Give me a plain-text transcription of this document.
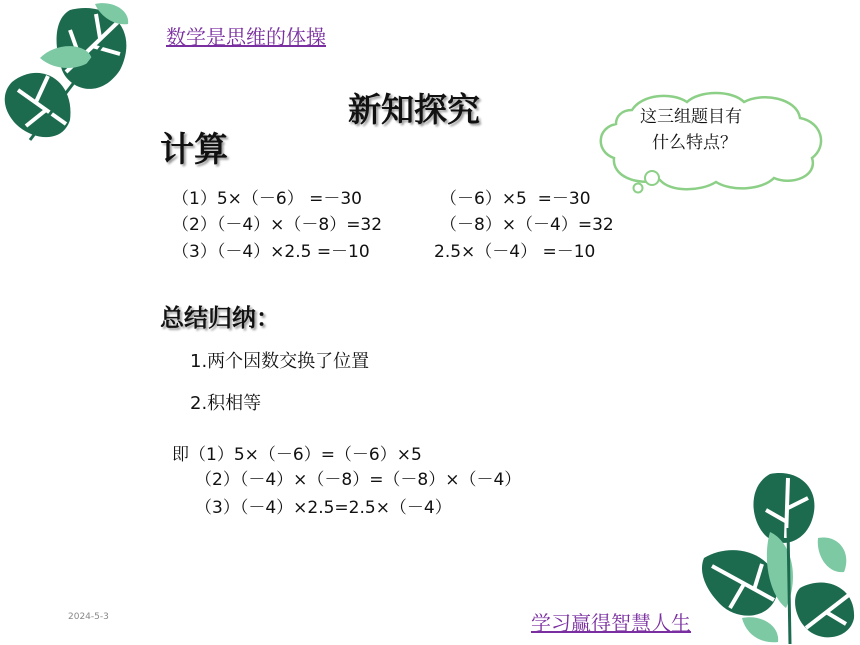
数学是思维的体操
新知探究
计算
这三组题目有
什么特点？
（1）5×（－6） =－30	（－6）×5  =－30
（2）（－4）×（－8）=32	（－8）×（－4）=32
（3）（－4）×2.5 =－10	2.5×（－4） =－10
总结归纳：
1.两个因数交换了位置
2.积相等
即（1）5×（－6）=（－6）×5
（2）（－4）×（－8）=（－8）×（－4）
（3）（－4）×2.5=2.5×（－4）
2024-5-3	学习赢得智慧人生
